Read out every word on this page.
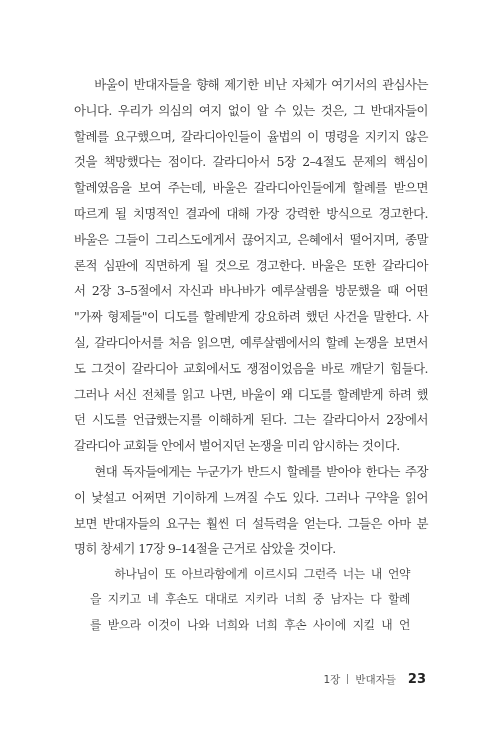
바울이 반대자들을 향해 제기한 비난 자체가 여기서의 관심사는
아니다. 우리가 의심의 여지 없이 알 수 있는 것은, 그 반대자들이
할례를 요구했으며, 갈라디아인들이 율법의 이 명령을 지키지 않은
것을 책망했다는 점이다. 갈라디아서 5장 2–4절도 문제의 핵심이
할례였음을 보여 주는데, 바울은 갈라디아인들에게 할례를 받으면
따르게 될 치명적인 결과에 대해 가장 강력한 방식으로 경고한다.
바울은 그들이 그리스도에게서 끊어지고, 은혜에서 떨어지며, 종말
론적 심판에 직면하게 될 것으로 경고한다. 바울은 또한 갈라디아
서 2장 3–5절에서 자신과 바나바가 예루살렘을 방문했을 때 어떤
"가짜 형제들"이 디도를 할례받게 강요하려 했던 사건을 말한다. 사
실, 갈라디아서를 처음 읽으면, 예루살렘에서의 할례 논쟁을 보면서
도 그것이 갈라디아 교회에서도 쟁점이었음을 바로 깨닫기 힘들다.
그러나 서신 전체를 읽고 나면, 바울이 왜 디도를 할례받게 하려 했
던 시도를 언급했는지를 이해하게 된다. 그는 갈라디아서 2장에서
갈라디아 교회들 안에서 벌어지던 논쟁을 미리 암시하는 것이다.
현대 독자들에게는 누군가가 반드시 할례를 받아야 한다는 주장
이 낯설고 어쩌면 기이하게 느껴질 수도 있다. 그러나 구약을 읽어
보면 반대자들의 요구는 훨씬 더 설득력을 얻는다. 그들은 아마 분
명히 창세기 17장 9–14절을 근거로 삼았을 것이다.
하나님이 또 아브라함에게 이르시되 그런즉 너는 내 언약
을 지키고 네 후손도 대대로 지키라 너희 중 남자는 다 할례
를 받으라 이것이 나와 너희와 너희 후손 사이에 지킬 내 언
1장 반대자들 23
